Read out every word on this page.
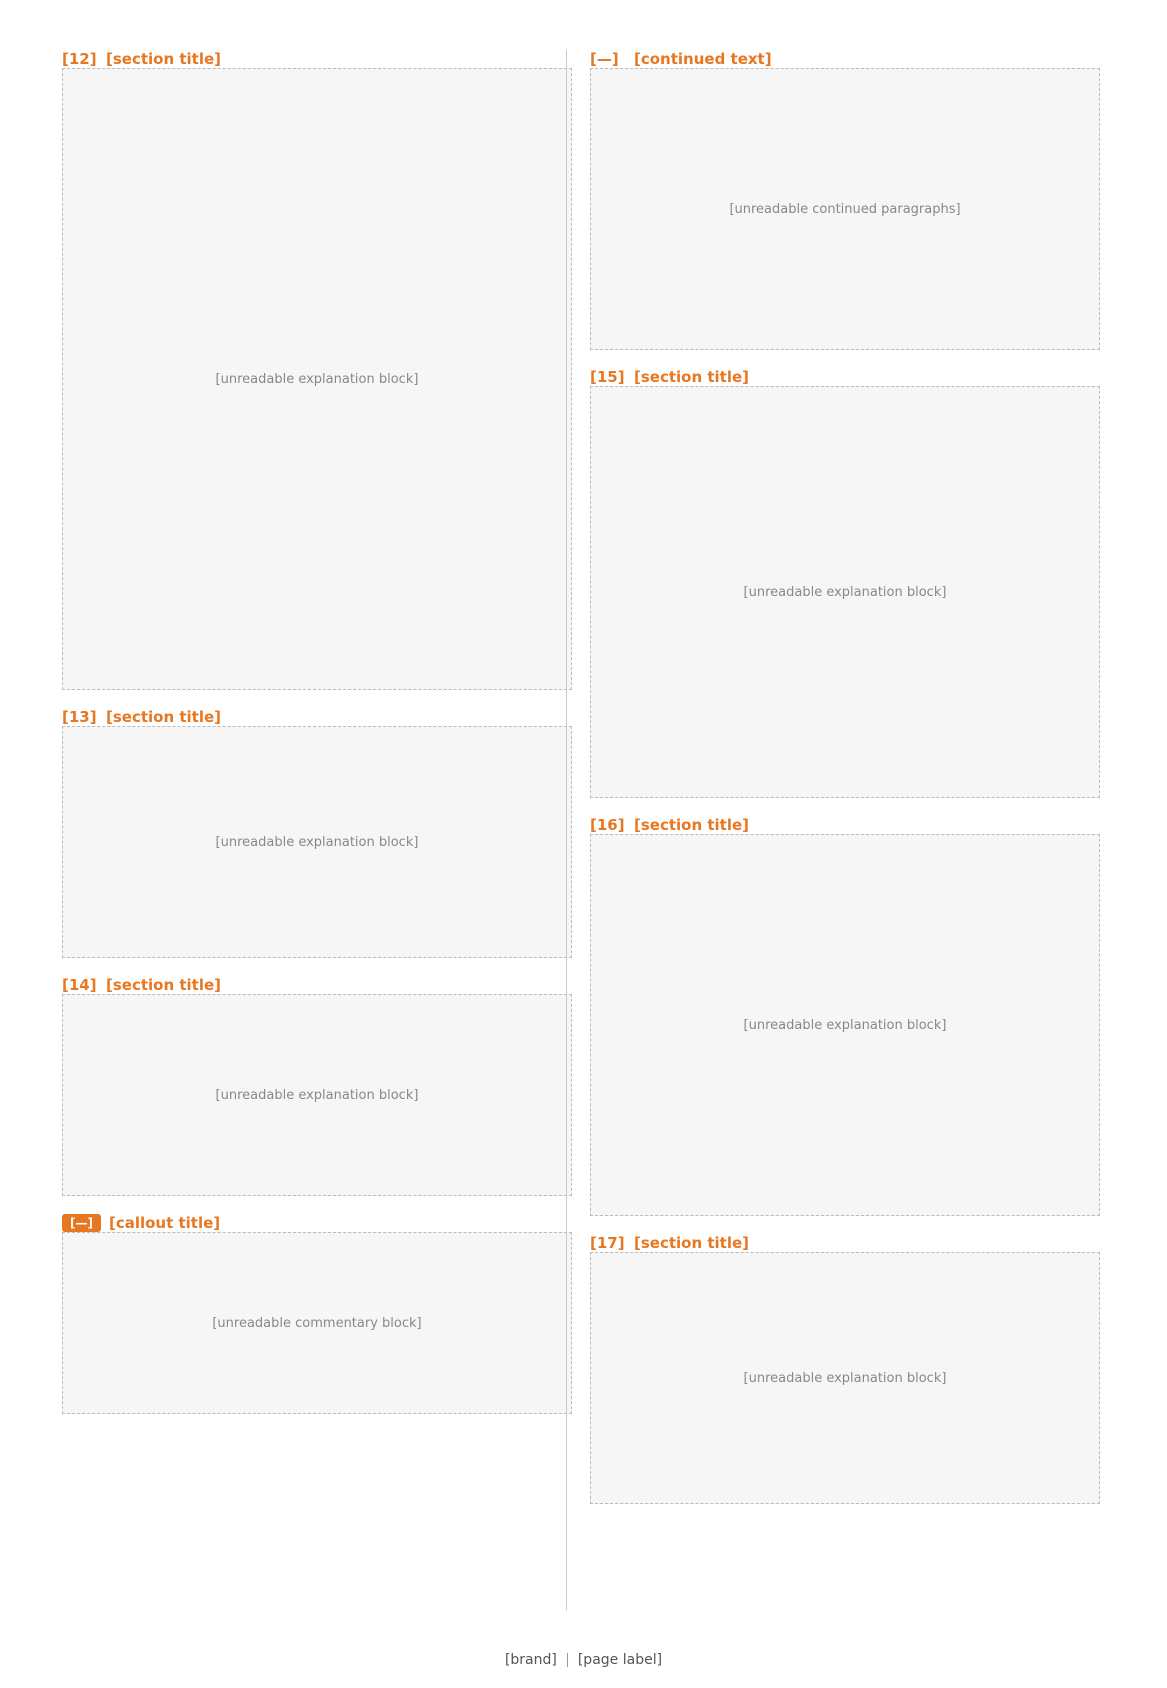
[12] [section title]
[unreadable explanation block]
[13] [section title]
[unreadable explanation block]
[14] [section title]
[unreadable explanation block]
[—]	[callout title]
[unreadable commentary block]
[—]	[continued text]
[unreadable continued paragraphs]
[15] [section title]
[unreadable explanation block]
[16] [section title]
[unreadable explanation block]
[17] [section title]
[unreadable explanation block]
[brand] [page label]
